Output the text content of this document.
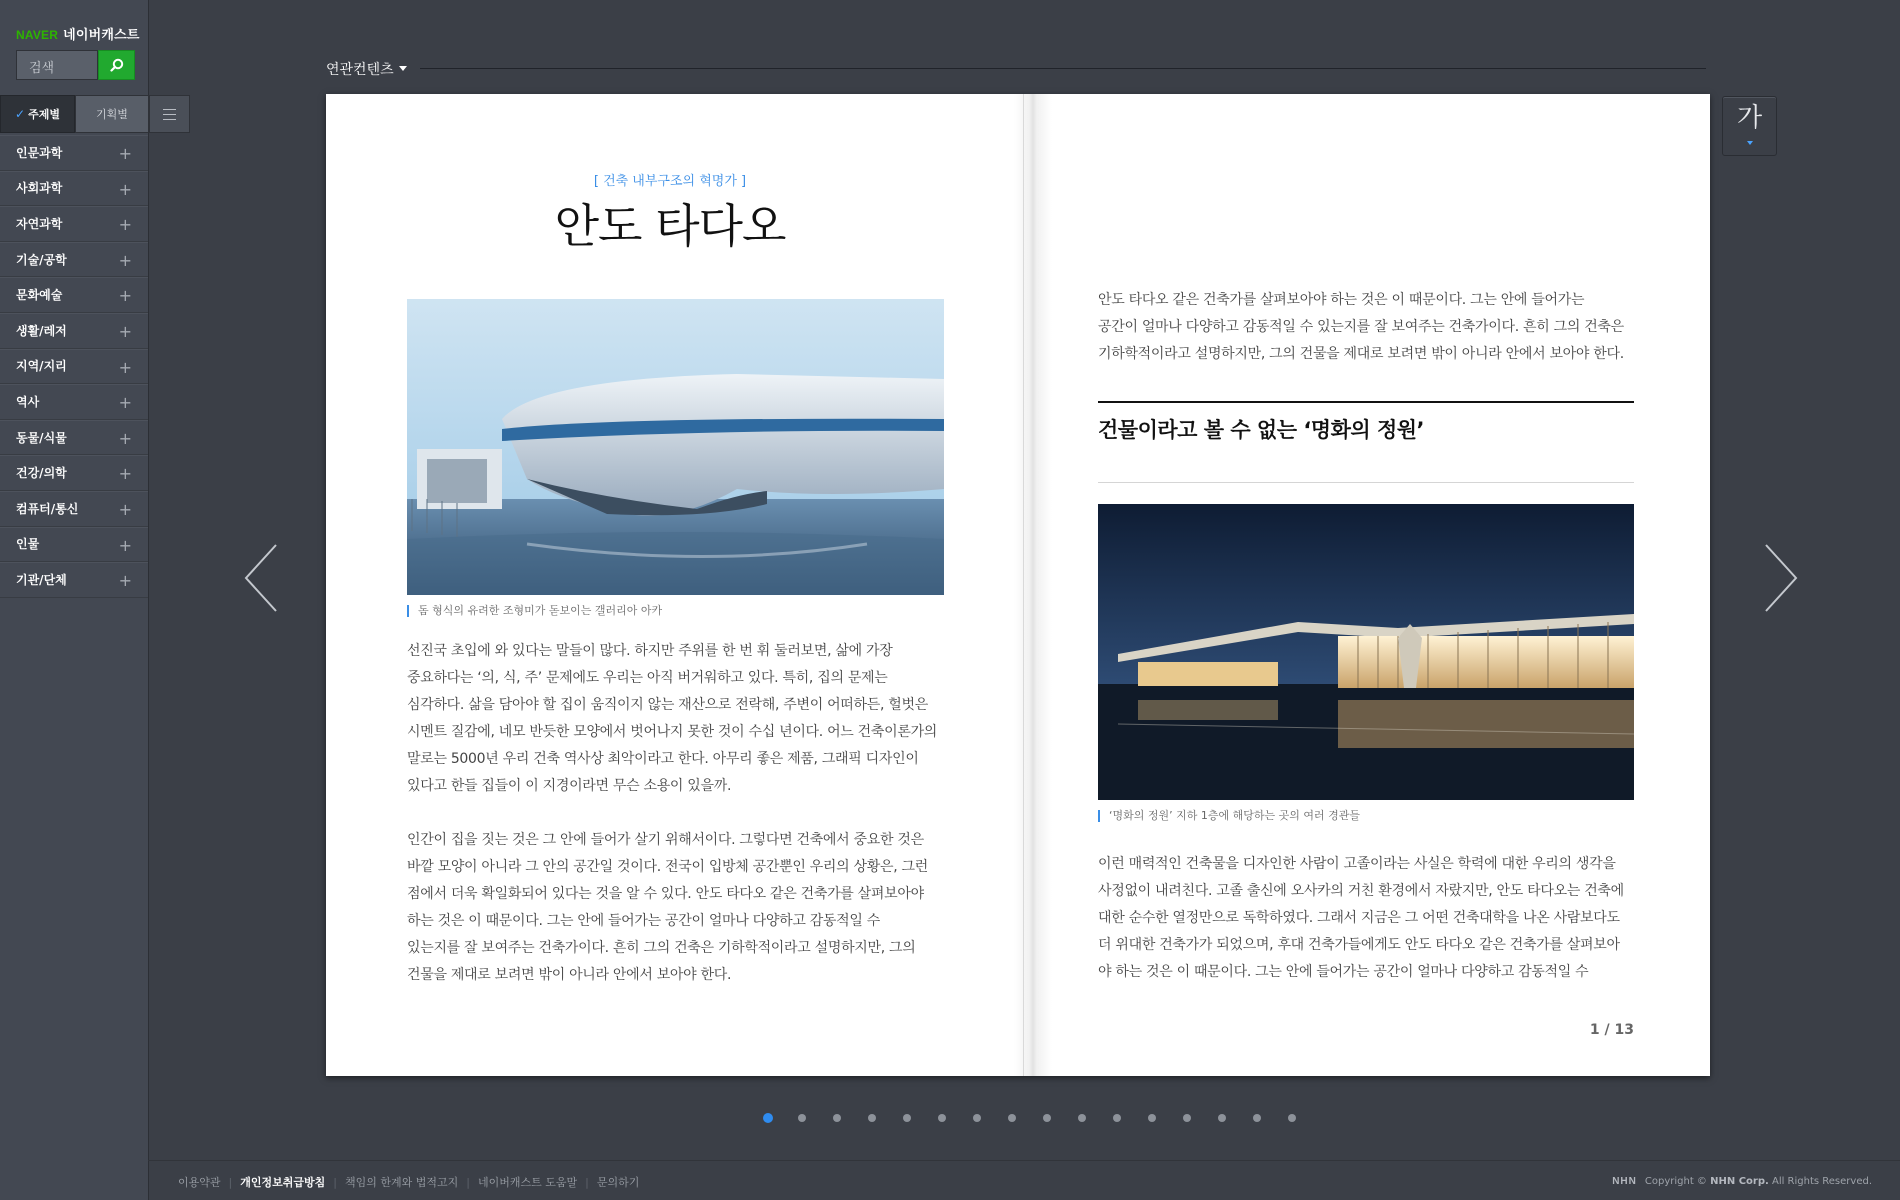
NAVER 네이버캐스트
검색
✓ 주제별	기획별
인문과학	+
사회과학	+
자연과학	+
기술/공학	+
문화예술	+
생활/레저	+
지역/지리	+
역사	+
동물/식물	+
건강/의학	+
컴퓨터/통신	+
인물	+
기관/단체	+
연관컨텐츠
[ 건축 내부구조의 혁명가 ]
안도 타다오
돔 형식의 유려한 조형미가 돋보이는 갤러리아 아카

선진국 초입에 와 있다는 말들이 많다. 하지만 주위를 한 번 휘 둘러보면, 삶에 가장

중요하다는 ‘의, 식, 주’ 문제에도 우리는 아직 버거워하고 있다. 특히, 집의 문제는

심각하다. 삶을 담아야 할 집이 움직이지 않는 재산으로 전락해, 주변이 어떠하든, 헐벗은

시멘트 질감에, 네모 반듯한 모양에서 벗어나지 못한 것이 수십 년이다. 어느 건축이론가의

말로는 5000년 우리 건축 역사상 최악이라고 한다. 아무리 좋은 제품, 그래픽 디자인이

있다고 한들 집들이 이 지경이라면 무슨 소용이 있을까.

인간이 집을 짓는 것은 그 안에 들어가 살기 위해서이다. 그렇다면 건축에서 중요한 것은

바깥 모양이 아니라 그 안의 공간일 것이다. 전국이 입방체 공간뿐인 우리의 상황은, 그런

점에서 더욱 확일화되어 있다는 것을 알 수 있다. 안도 타다오 같은 건축가를 살펴보아야

하는 것은 이 때문이다. 그는 안에 들어가는 공간이 얼마나 다양하고 감동적일 수

있는지를 잘 보여주는 건축가이다. 흔히 그의 건축은 기하학적이라고 설명하지만, 그의

건물을 제대로 보려면 밖이 아니라 안에서 보아야 한다.

안도 타다오 같은 건축가를 살펴보아야 하는 것은 이 때문이다. 그는 안에 들어가는

공간이 얼마나 다양하고 감동적일 수 있는지를 잘 보여주는 건축가이다. 흔히 그의 건축은

기하학적이라고 설명하지만, 그의 건물을 제대로 보려면 밖이 아니라 안에서 보아야 한다.

건물이라고 볼 수 없는 ‘명화의 정원’
‘명화의 정원’ 지하 1층에 해당하는 곳의 여러 경관들

이런 매력적인 건축물을 디자인한 사람이 고졸이라는 사실은 학력에 대한 우리의 생각을

사정없이 내려친다. 고졸 출신에 오사카의 거친 환경에서 자랐지만, 안도 타다오는 건축에

대한 순수한 열정만으로 독학하였다. 그래서 지금은 그 어떤 건축대학을 나온 사람보다도

더 위대한 건축가가 되었으며, 후대 건축가들에게도 안도 타다오 같은 건축가를 살펴보아

야 하는 것은 이 때문이다. 그는 안에 들어가는 공간이 얼마나 다양하고 감동적일 수

1 / 13
가
이용약관 | 개인정보취급방침 | 책임의 한계와 법적고지 | 네이버캐스트 도움말 | 문의하기	NHN Copyright © NHN Corp. All Rights Reserved.
